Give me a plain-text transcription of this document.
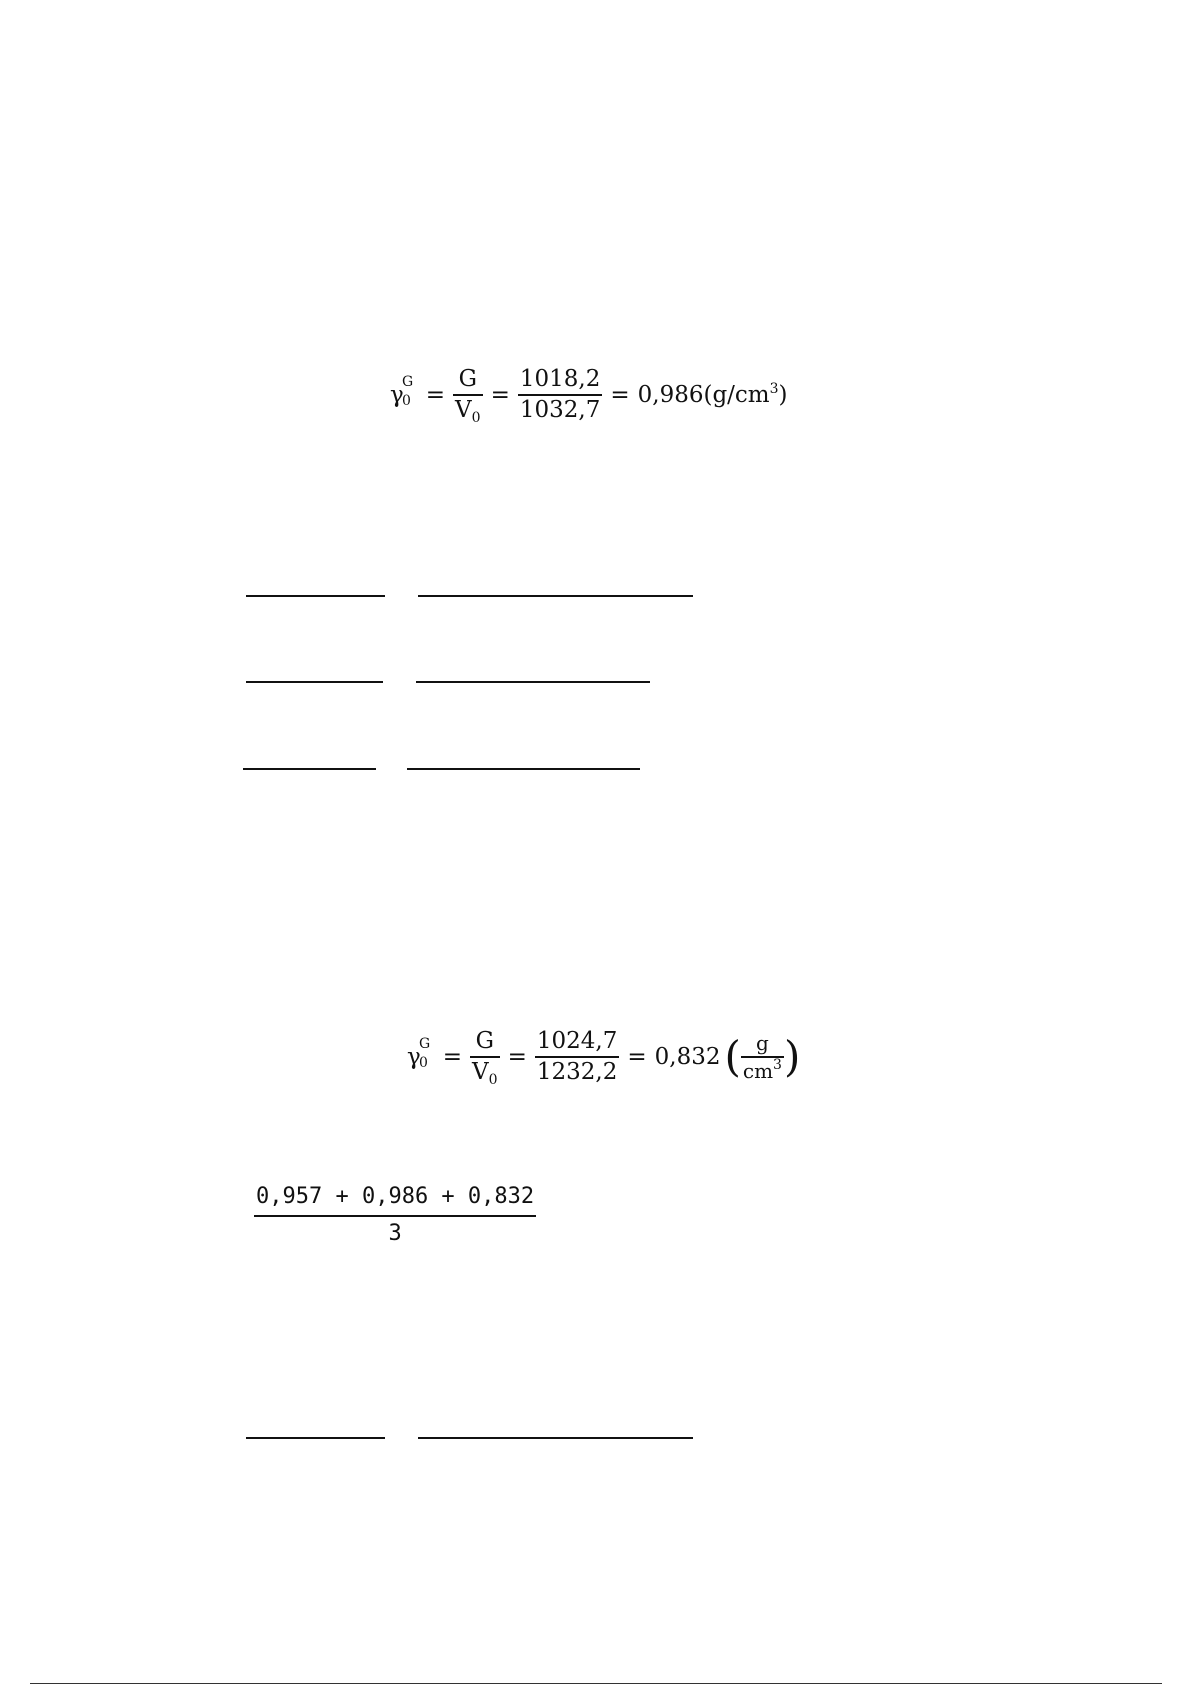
γ
G
$0 = \frac{G}{V_0} = \frac{1018,2}{1032,7} = 0,986(g/cm^3)$
γ
G
$0 = \frac{G}{V_0} = \frac{1024,7}{1232,2} = 0,832$ ( $\frac{g}{cm^3}$ )
$\frac{0,957 + 0,986 + 0,832}{3}$
